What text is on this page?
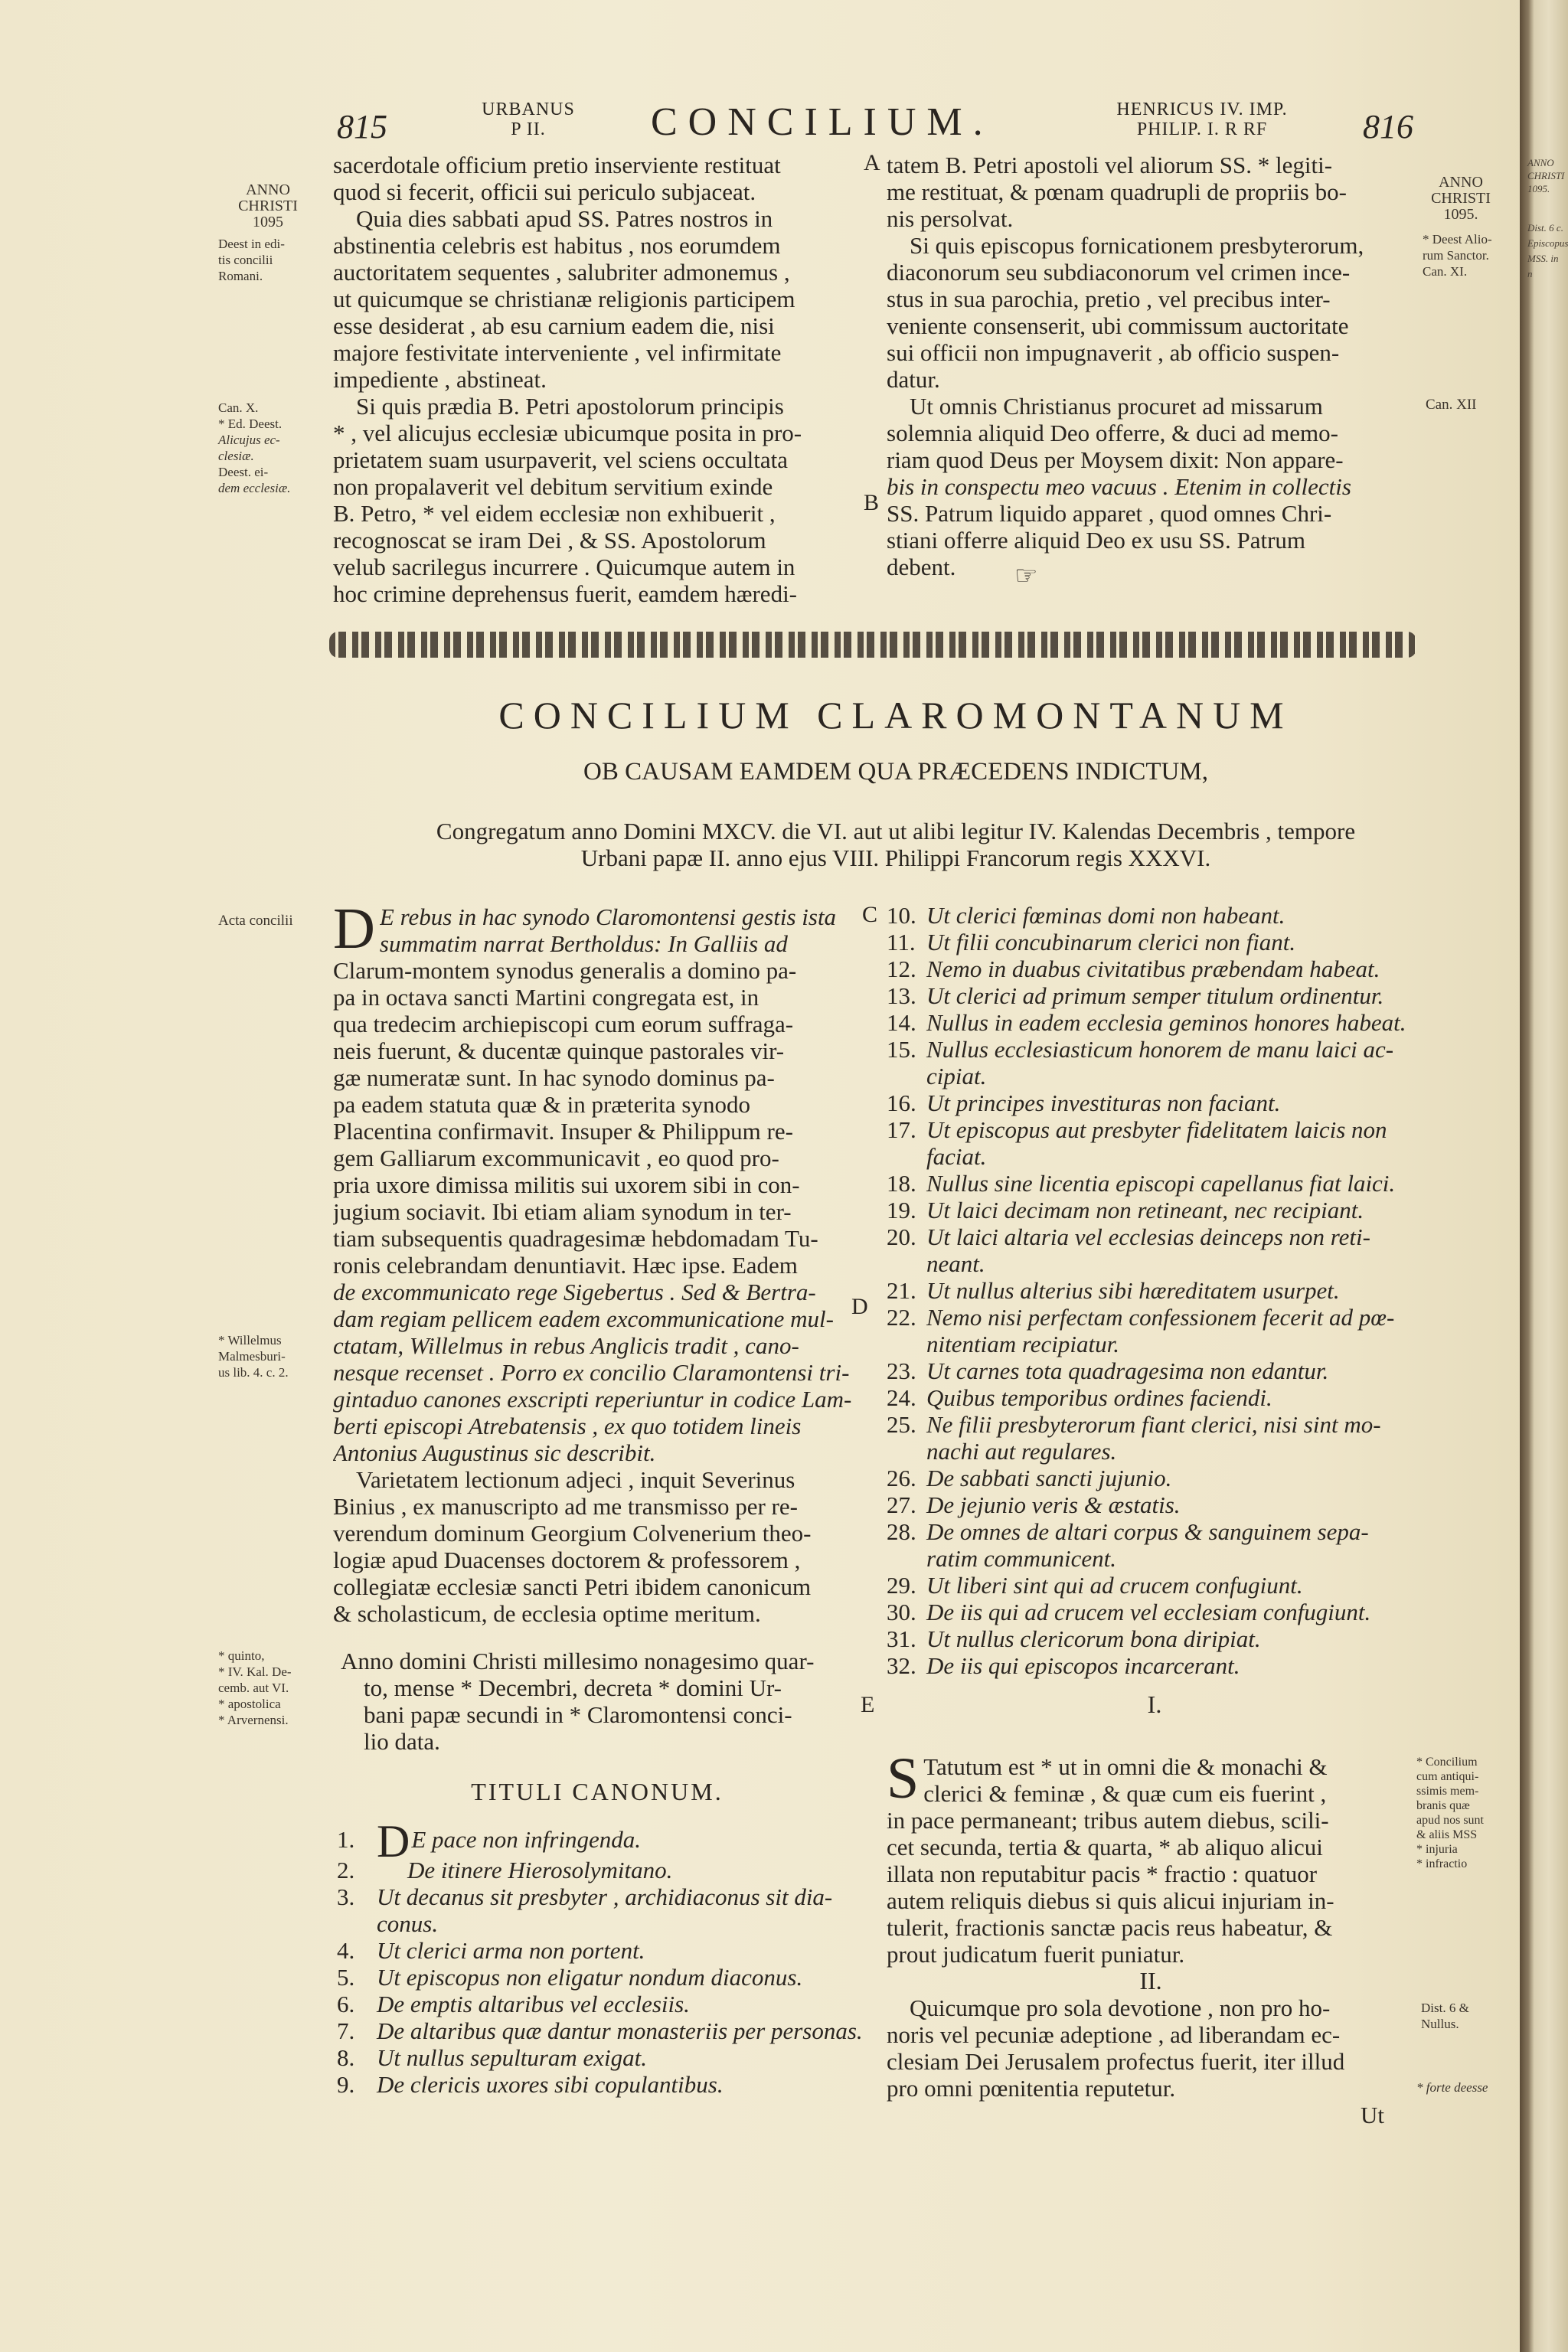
ANNO
CHRISTI
1095.
Dist. 6 c.
Episcopus
MSS. in
n
815	URBANUS
P II.	CONCILIUM.	HENRICUS IV. IMP.
PHILIP. I. R RF	816
ANNO
CHRISTI
1095
Deest in edi-
tis concilii
Romani.
Can. X.
* Ed. Deest.
Alicujus ec-
clesiæ.
Deest. ei-
dem ecclesiæ.
sacerdotale officium pretio inserviente restituat
quod si fecerit, officii sui periculo subjaceat.
Quia dies sabbati apud SS. Patres nostros in
abstinentia celebris est habitus , nos eorumdem
auctoritatem sequentes , salubriter admonemus ,
ut quicumque se christianæ religionis participem
esse desiderat , ab esu carnium eadem die, nisi
majore festivitate interveniente , vel infirmitate
impediente , abstineat.
Si quis prædia B. Petri apostolorum principis
* , vel alicujus ecclesiæ ubicumque posita in pro-
prietatem suam usurpaverit, vel sciens occultata
non propalaverit vel debitum servitium exinde
B. Petro, * vel eidem ecclesiæ non exhibuerit ,
recognoscat se iram Dei , & SS. Apostolorum
velub sacrilegus incurrere . Quicumque autem in
hoc crimine deprehensus fuerit, eamdem hæredi-
A
B
tatem B. Petri apostoli vel aliorum SS. * legiti-
me restituat, & pœnam quadrupli de propriis bo-
nis persolvat.
Si quis episcopus fornicationem presbyterorum,
diaconorum seu subdiaconorum vel crimen ince-
stus in sua parochia, pretio , vel precibus inter-
veniente consenserit, ubi commissum auctoritate
sui officii non impugnaverit , ab officio suspen-
datur.
Ut omnis Christianus procuret ad missarum
solemnia aliquid Deo offerre, & duci ad memo-
riam quod Deus per Moysem dixit: Non appare-
bis in conspectu meo vacuus . Etenim in collectis
SS. Patrum liquido apparet , quod omnes Chri-
stiani offerre aliquid Deo ex usu SS. Patrum
debent.
ANNO
CHRISTI
1095.
* Deest Alio-
rum Sanctor.
Can. XI.
Can. XII
☞
CONCILIUM CLAROMONTANUM
OB CAUSAM EAMDEM QUA PRÆCEDENS INDICTUM,
Congregatum anno Domini MXCV. die VI. aut ut alibi legitur IV. Kalendas Decembris , tempore
Urbani papæ II. anno ejus VIII. Philippi Francorum regis XXXVI.
Acta concilii
* Willelmus
Malmesburi-
us lib. 4. c. 2.
* quinto,
* IV. Kal. De-
cemb. aut VI.
* apostolica
* Arvernensi.
D E rebus in hac synodo Claromontensi gestis ista
summatim narrat Bertholdus: In Galliis ad
Clarum-montem synodus generalis a domino pa-
pa in octava sancti Martini congregata est, in
qua tredecim archiepiscopi cum eorum suffraga-
neis fuerunt, & ducentæ quinque pastorales vir-
gæ numeratæ sunt. In hac synodo dominus pa-
pa eadem statuta quæ & in præterita synodo
Placentina confirmavit. Insuper & Philippum re-
gem Galliarum excommunicavit , eo quod pro-
pria uxore dimissa militis sui uxorem sibi in con-
jugium sociavit. Ibi etiam aliam synodum in ter-
tiam subsequentis quadragesimæ hebdomadam Tu-
ronis celebrandam denuntiavit. Hæc ipse. Eadem
de excommunicato rege Sigebertus . Sed & Bertra-
dam regiam pellicem eadem excommunicatione mul-
ctatam, Willelmus in rebus Anglicis tradit , cano-
nesque recenset . Porro ex concilio Claramontensi tri-
gintaduo canones exscripti reperiuntur in codice Lam-
berti episcopi Atrebatensis , ex quo totidem lineis
Antonius Augustinus sic describit.
Varietatem lectionum adjeci , inquit Severinus
Binius , ex manuscripto ad me transmisso per re-
verendum dominum Georgium Colvenerium theo-
logiæ apud Duacenses doctorem & professorem ,
collegiatæ ecclesiæ sancti Petri ibidem canonicum
& scholasticum, de ecclesia optime meritum.
Anno domini Christi millesimo nonagesimo quar-
to, mense * Decembri, decreta * domini Ur-
bani papæ secundi in * Claromontensi conci-
lio data.
TITULI CANONUM.
1. D E pace non infringenda.
2.	De itinere Hierosolymitano.
3. Ut decanus sit presbyter , archidiaconus sit dia-
conus.
4. Ut clerici arma non portent.
5. Ut episcopus non eligatur nondum diaconus.
6. De emptis altaribus vel ecclesiis.
7. De altaribus quæ dantur monasteriis per personas.
8. Ut nullus sepulturam exigat.
9. De clericis uxores sibi copulantibus.
C
D
E
10. Ut clerici fœminas domi non habeant.
11. Ut filii concubinarum clerici non fiant.
12. Nemo in duabus civitatibus præbendam habeat.
13. Ut clerici ad primum semper titulum ordinentur.
14. Nullus in eadem ecclesia geminos honores habeat.
15. Nullus ecclesiasticum honorem de manu laici ac-
cipiat.
16. Ut principes investituras non faciant.
17. Ut episcopus aut presbyter fidelitatem laicis non
faciat.
18. Nullus sine licentia episcopi capellanus fiat laici.
19. Ut laici decimam non retineant, nec recipiant.
20. Ut laici altaria vel ecclesias deinceps non reti-
neant.
21. Ut nullus alterius sibi hæreditatem usurpet.
22. Nemo nisi perfectam confessionem fecerit ad pœ-
nitentiam recipiatur.
23. Ut carnes tota quadragesima non edantur.
24. Quibus temporibus ordines faciendi.
25. Ne filii presbyterorum fiant clerici, nisi sint mo-
nachi aut regulares.
26. De sabbati sancti jujunio.
27. De jejunio veris & æstatis.
28. De omnes de altari corpus & sanguinem sepa-
ratim communicent.
29. Ut liberi sint qui ad crucem confugiunt.
30. De iis qui ad crucem vel ecclesiam confugiunt.
31. Ut nullus clericorum bona diripiat.
32. De iis qui episcopos incarcerant.
I.
S Tatutum est * ut in omni die & monachi &
clerici & feminæ , & quæ cum eis fuerint ,
in pace permaneant; tribus autem diebus, scili-
cet secunda, tertia & quarta, * ab aliquo alicui
illata non reputabitur pacis * fractio : quatuor
autem reliquis diebus si quis alicui injuriam in-
tulerit, fractionis sanctæ pacis reus habeatur, &
prout judicatum fuerit puniatur.
II.
Quicumque pro sola devotione , non pro ho-
noris vel pecuniæ adeptione , ad liberandam ec-
clesiam Dei Jerusalem profectus fuerit, iter illud
pro omni pœnitentia reputetur.
Ut
* Concilium
cum antiqui-
ssimis mem-
branis quæ
apud nos sunt
& aliis MSS
* injuria
* infractio
Dist. 6 &
Nullus.
* forte deesse
